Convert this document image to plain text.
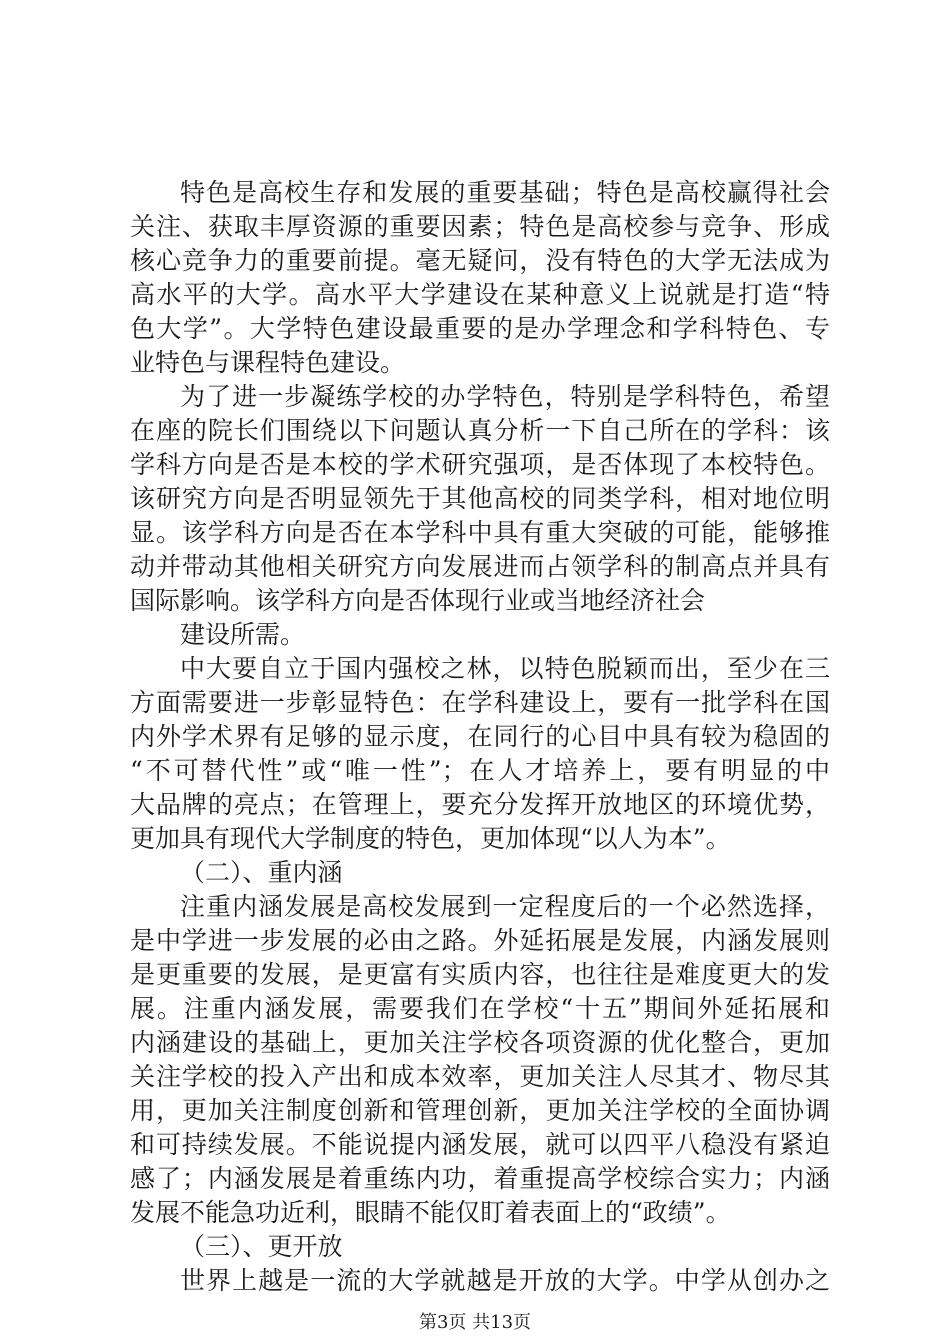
特色是高校生存和发展的重要基础；特色是高校赢得社会
关注、获取丰厚资源的重要因素；特色是高校参与竞争、形成
核心竞争力的重要前提。毫无疑问，没有特色的大学无法成为
高水平的大学。高水平大学建设在某种意义上说就是打造“特
色大学”。大学特色建设最重要的是办学理念和学科特色、专
业特色与课程特色建设。
为了进一步凝练学校的办学特色，特别是学科特色，希望
在座的院长们围绕以下问题认真分析一下自己所在的学科：该
学科方向是否是本校的学术研究强项，是否体现了本校特色。
该研究方向是否明显领先于其他高校的同类学科，相对地位明
显。该学科方向是否在本学科中具有重大突破的可能，能够推
动并带动其他相关研究方向发展进而占领学科的制高点并具有
国际影响。该学科方向是否体现行业或当地经济社会
建设所需。
中大要自立于国内强校之林，以特色脱颖而出，至少在三
方面需要进一步彰显特色：在学科建设上，要有一批学科在国
内外学术界有足够的显示度，在同行的心目中具有较为稳固的
“不可替代性”或“唯一性”；在人才培养上，要有明显的中
大品牌的亮点；在管理上，要充分发挥开放地区的环境优势，
更加具有现代大学制度的特色，更加体现“以人为本”。
（二）、重内涵
注重内涵发展是高校发展到一定程度后的一个必然选择，
是中学进一步发展的必由之路。外延拓展是发展，内涵发展则
是更重要的发展，是更富有实质内容，也往往是难度更大的发
展。注重内涵发展，需要我们在学校“十五”期间外延拓展和
内涵建设的基础上，更加关注学校各项资源的优化整合，更加
关注学校的投入产出和成本效率，更加关注人尽其才、物尽其
用，更加关注制度创新和管理创新，更加关注学校的全面协调
和可持续发展。不能说提内涵发展，就可以四平八稳没有紧迫
感了；内涵发展是着重练内功，着重提高学校综合实力；内涵
发展不能急功近利，眼睛不能仅盯着表面上的“政绩”。
（三）、更开放
世界上越是一流的大学就越是开放的大学。中学从创办之
第3页 共13页
